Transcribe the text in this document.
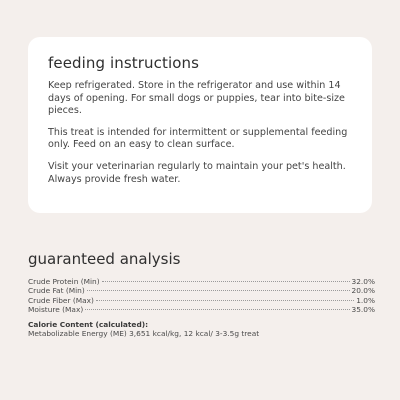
feeding instructions

Keep refrigerated. Store in the refrigerator and use within 14 days of opening. For small dogs or puppies, tear into bite-size pieces.

This treat is intended for intermittent or supplemental feeding only. Feed on an easy to clean surface.

Visit your veterinarian regularly to maintain your pet's health. Always provide fresh water.

guaranteed analysis
Crude Protein (Min)	32.0%
Crude Fat (Min)	20.0%
Crude Fiber (Max)	1.0%
Moisture (Max)	35.0%
Calorie Content (calculated):
Metabolizable Energy (ME) 3,651 kcal/kg, 12 kcal/ 3-3.5g treat
